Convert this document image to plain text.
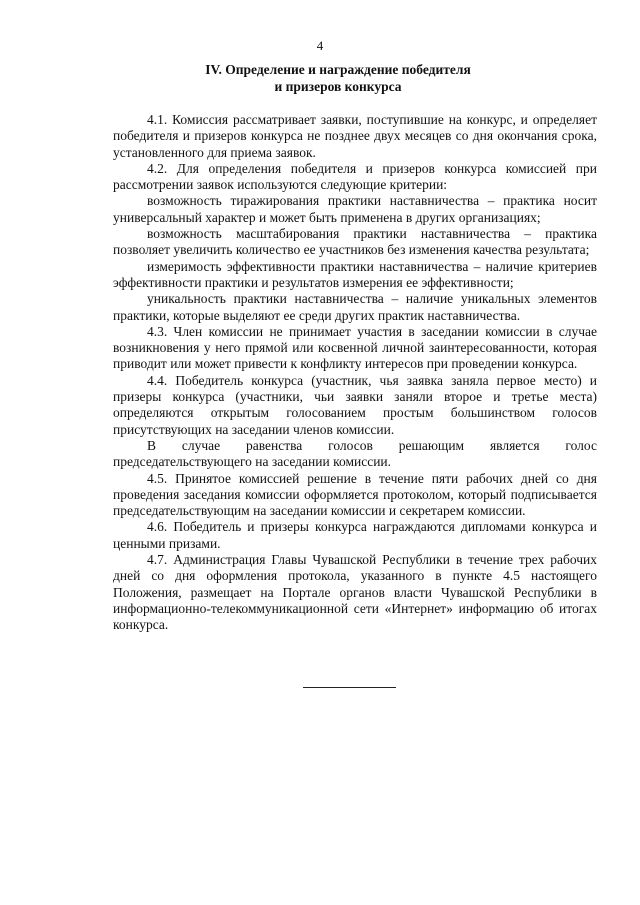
4
IV. Определение и награждение победителя
и призеров конкурса

4.1. Комиссия рассматривает заявки, поступившие на конкурс, и определяет победителя и призеров конкурса не позднее двух месяцев со дня окончания срока, установленного для приема заявок.

4.2. Для определения победителя и призеров конкурса комиссией при рассмотрении заявок используются следующие критерии:

возможность тиражирования практики наставничества – практика носит универсальный характер и может быть применена в других организациях;

возможность масштабирования практики наставничества – практика позволяет увеличить количество ее участников без изменения качества результата;

измеримость эффективности практики наставничества – наличие критериев эффективности практики и результатов измерения ее эффективности;

уникальность практики наставничества – наличие уникальных элементов практики, которые выделяют ее среди других практик наставничества.

4.3. Член комиссии не принимает участия в заседании комиссии в случае возникновения у него прямой или косвенной личной заинтересованности, которая приводит или может привести к конфликту интересов при проведении конкурса.

4.4. Победитель конкурса (участник, чья заявка заняла первое место) и призеры конкурса (участники, чьи заявки заняли второе и третье места) определяются открытым голосованием простым большинством голосов присутствующих на заседании членов комиссии.

В случае равенства голосов решающим является голос председательствующего на заседании комиссии.

4.5. Принятое комиссией решение в течение пяти рабочих дней со дня проведения заседания комиссии оформляется протоколом, который подписывается председательствующим на заседании комиссии и секретарем комиссии.

4.6. Победитель и призеры конкурса награждаются дипломами конкурса и ценными призами.

4.7. Администрация Главы Чувашской Республики в течение трех рабочих дней со дня оформления протокола, указанного в пункте 4.5 настоящего Положения, размещает на Портале органов власти Чувашской Республики в информационно-телекоммуникационной сети «Интернет» информацию об итогах конкурса.
